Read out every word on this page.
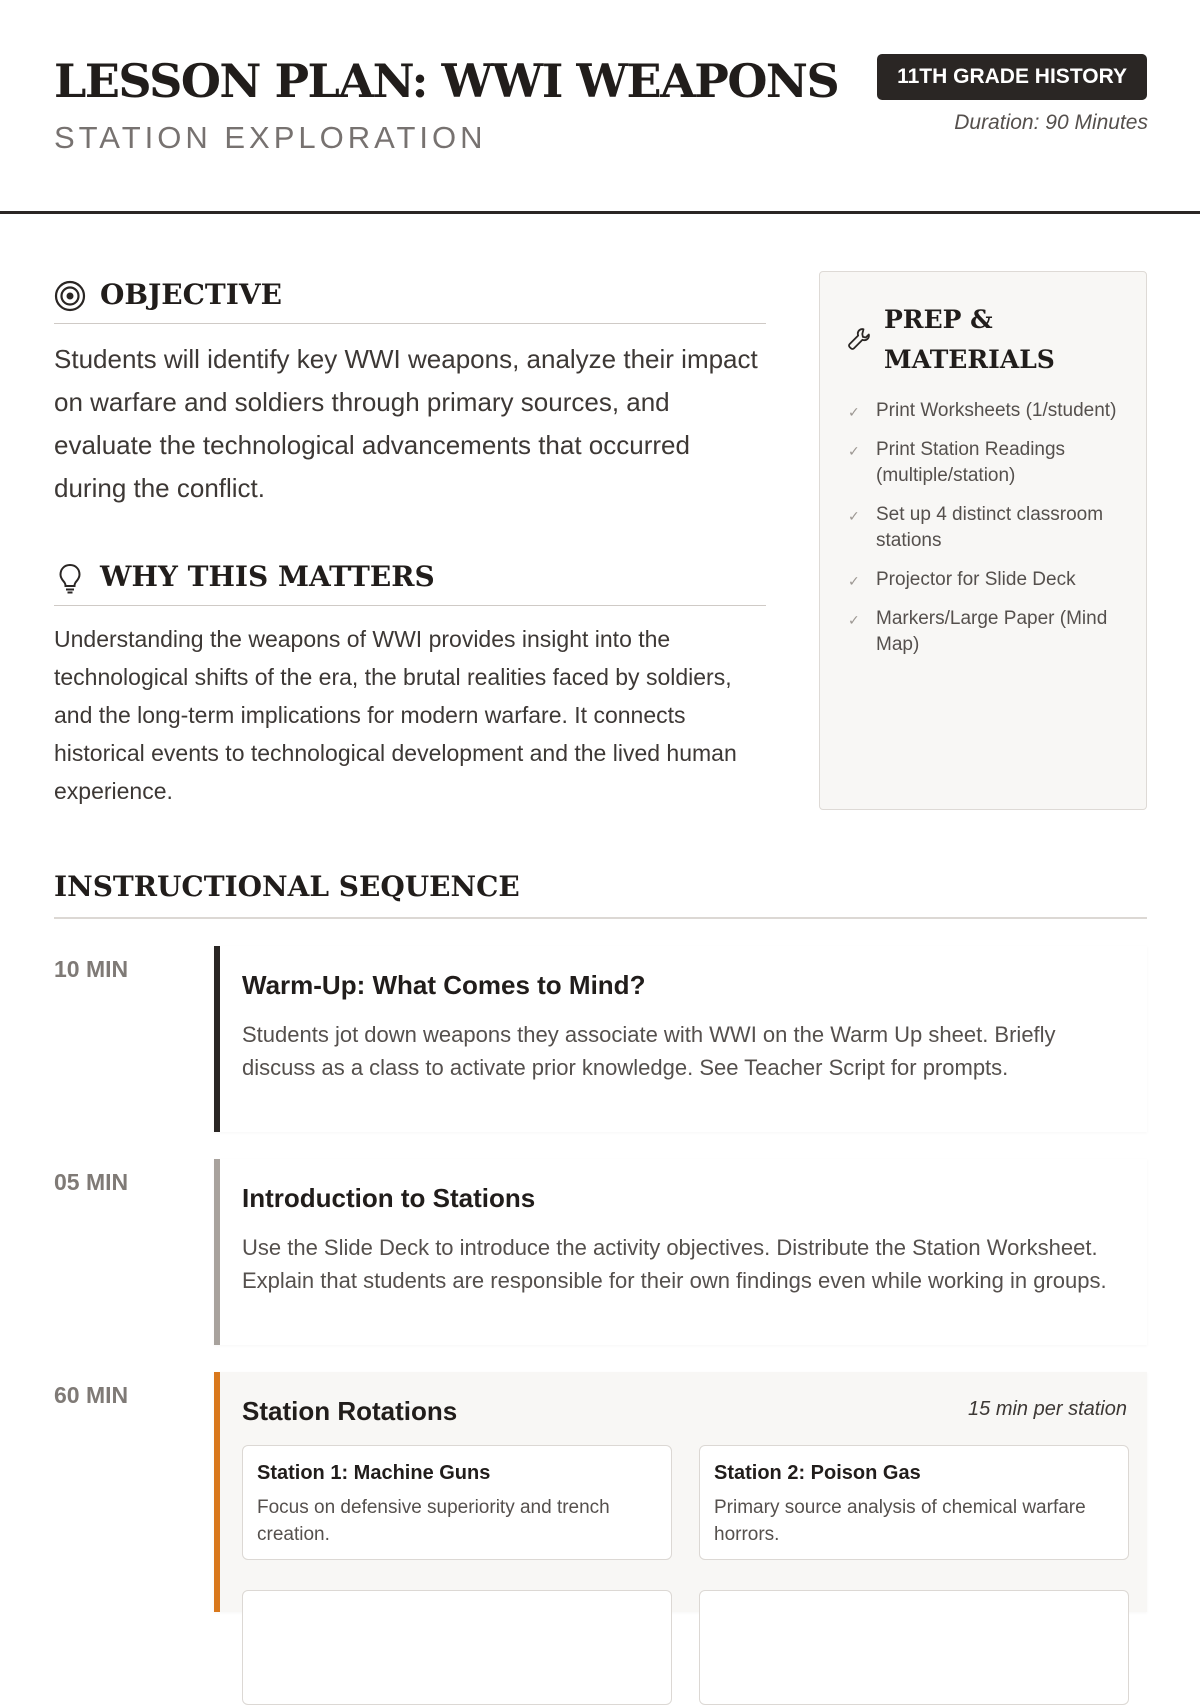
LESSON PLAN: WWI WEAPONS
STATION EXPLORATION
11TH GRADE HISTORY
Duration: 90 Minutes
OBJECTIVE

Students will identify key WWI weapons, analyze their impact on warfare and soldiers through primary sources, and evaluate the technological advancements that occurred during the conflict.

WHY THIS MATTERS

Understanding the weapons of WWI provides insight into the technological shifts of the era, the brutal realities faced by soldiers, and the long-term implications for modern warfare. It connects historical events to technological development and the lived human experience.

PREP & MATERIALS
✓ Print Worksheets (1/student)
✓ Print Station Readings (multiple/station)
✓ Set up 4 distinct classroom stations
✓ Projector for Slide Deck
✓ Markers/Large Paper (Mind Map)
INSTRUCTIONAL SEQUENCE
10 MIN
Warm-Up: What Comes to Mind?

Students jot down weapons they associate with WWI on the Warm Up sheet. Briefly discuss as a class to activate prior knowledge. See Teacher Script for prompts.

05 MIN
Introduction to Stations

Use the Slide Deck to introduce the activity objectives. Distribute the Station Worksheet. Explain that students are responsible for their own findings even while working in groups.

60 MIN
Station Rotations	15 min per station
Station 1: Machine Guns
Focus on defensive superiority and trench creation.
Station 2: Poison Gas
Primary source analysis of chemical warfare horrors.
